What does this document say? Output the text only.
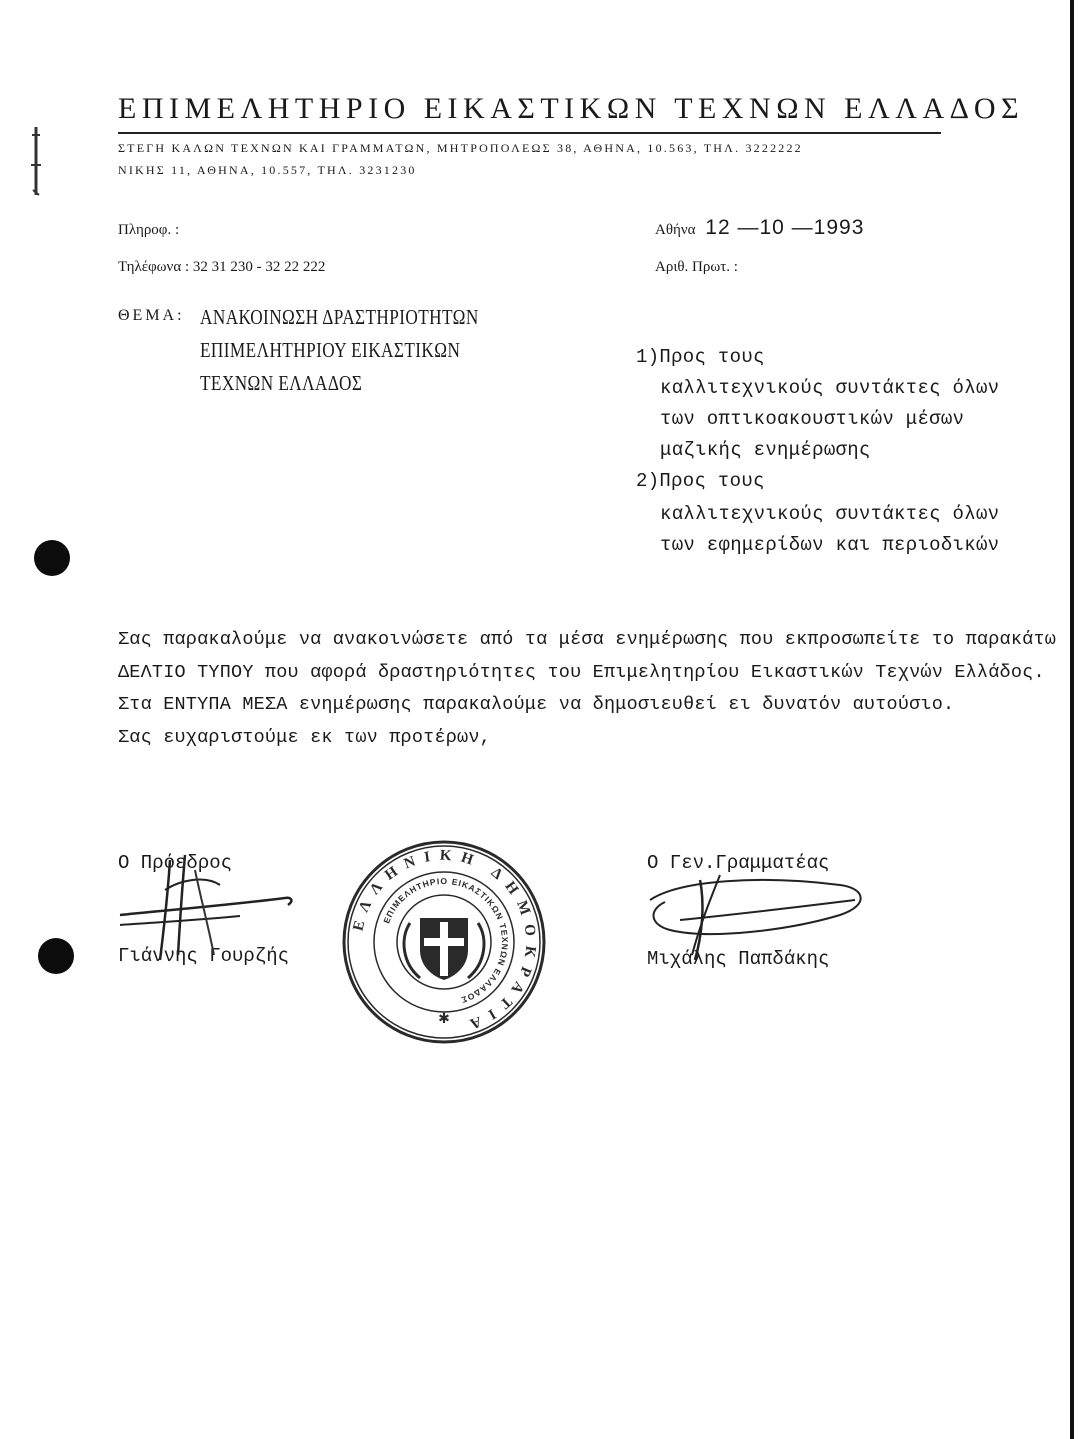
ΕΠΙΜΕΛΗΤΗΡΙΟ ΕΙΚΑΣΤΙΚΩΝ ΤΕΧΝΩΝ ΕΛΛΑΔΟΣ
ΣΤΕΓΗ ΚΑΛΩΝ ΤΕΧΝΩΝ ΚΑΙ ΓΡΑΜΜΑΤΩΝ, ΜΗΤΡΟΠΟΛΕΩΣ 38, ΑΘΗΝΑ, 10.563, ΤΗΛ. 3222222
ΝΙΚΗΣ 11, ΑΘΗΝΑ, 10.557, ΤΗΛ. 3231230
Πληροφ. :
Τηλέφωνα : 32 31 230 - 32 22 222
Αθήνα 12 —10 —1993
Αριθ. Πρωτ. :
ΘΕΜΑ: ΑΝΑΚΟΙΝΩΣΗ ΔΡΑΣΤΗΡΙΟΤΗΤΩΝ
ΕΠΙΜΕΛΗΤΗΡΙΟΥ ΕΙΚΑΣΤΙΚΩΝ
ΤΕΧΝΩΝ ΕΛΛΑΔΟΣ
1)Προς τους
καλλιτεχνικούς συντάκτες όλων
των οπτικοακουστικών μέσων
μαζικής ενημέρωσης
2)Προς τους
καλλιτεχνικούς συντάκτες όλων
των εφημερίδων και περιοδικών
Σας παρακαλούμε να ανακοινώσετε από τα μέσα ενημέρωσης που εκπροσωπείτε το παρακάτω
ΔΕΛΤΙΟ ΤΥΠΟΥ που αφορά δραστηριότητες του Επιμελητηρίου Εικαστικών Τεχνών Ελλάδος.
Στα ΕΝΤΥΠΑ ΜΕΣΑ ενημέρωσης παρακαλούμε να δημοσιευθεί ει δυνατόν αυτούσιο.
Σας ευχαριστούμε εκ των προτέρων,
Ο Πρόεδρος
Γιάννης Γουρζής
ΕΛΛΗΝΙΚΗ ΔΗΜΟΚΡΑΤΙΑ
ΕΠΙΜΕΛΗΤΗΡΙΟ ΕΙΚΑΣΤΙΚΩΝ ΤΕΧΝΩΝ ΕΛΛΑΔΟΣ
✱
Ο Γεν.Γραμματέας
Μιχάλης Παπδάκης
